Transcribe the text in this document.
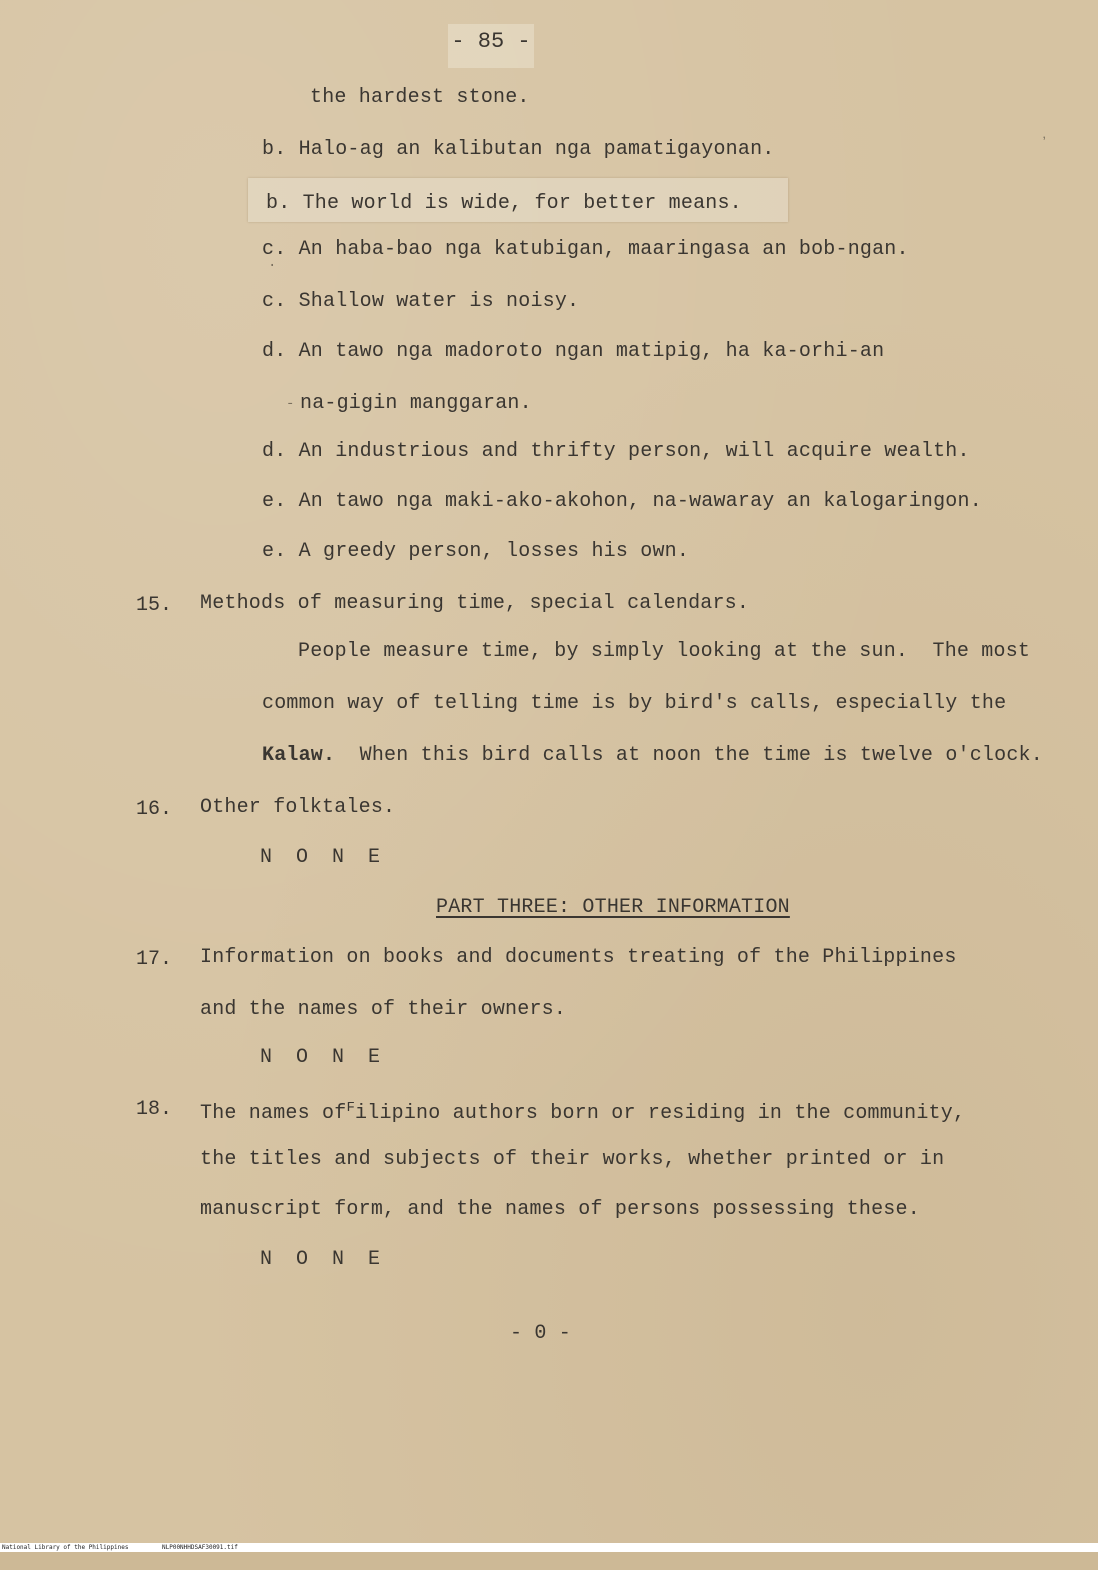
- 85 -
the hardest stone.
b. Halo-ag an kalibutan nga pamatigayonan.
b. The world is wide, for better means.
c. An haba-bao nga katubigan, maaringasa an bob-ngan.
c. Shallow water is noisy.
d. An tawo nga madoroto ngan matipig, ha ka-orhi-an
na-gigin manggaran.
d. An industrious and thrifty person, will acquire wealth.
e. An tawo nga maki-ako-akohon, na-wawaray an kalogaringon.
e. A greedy person, losses his own.
15. Methods of measuring time, special calendars.
People measure time, by simply looking at the sun.  The most
common way of telling time is by bird's calls, especially the
Kalaw.  When this bird calls at noon the time is twelve o'clock.
16. Other folktales.
N O N E
PART THREE: OTHER INFORMATION
17. Information on books and documents treating of the Philippines
and the names of their owners.
N O N E
18. The names $of^Filipino$ authors born or residing in the community,
the titles and subjects of their works, whether printed or in
manuscript form, and the names of persons possessing these.
N O N E
- 0 -
ʼ
·
-

National Library of the Philippines

	NLP00NHHDSAF30091.tif
